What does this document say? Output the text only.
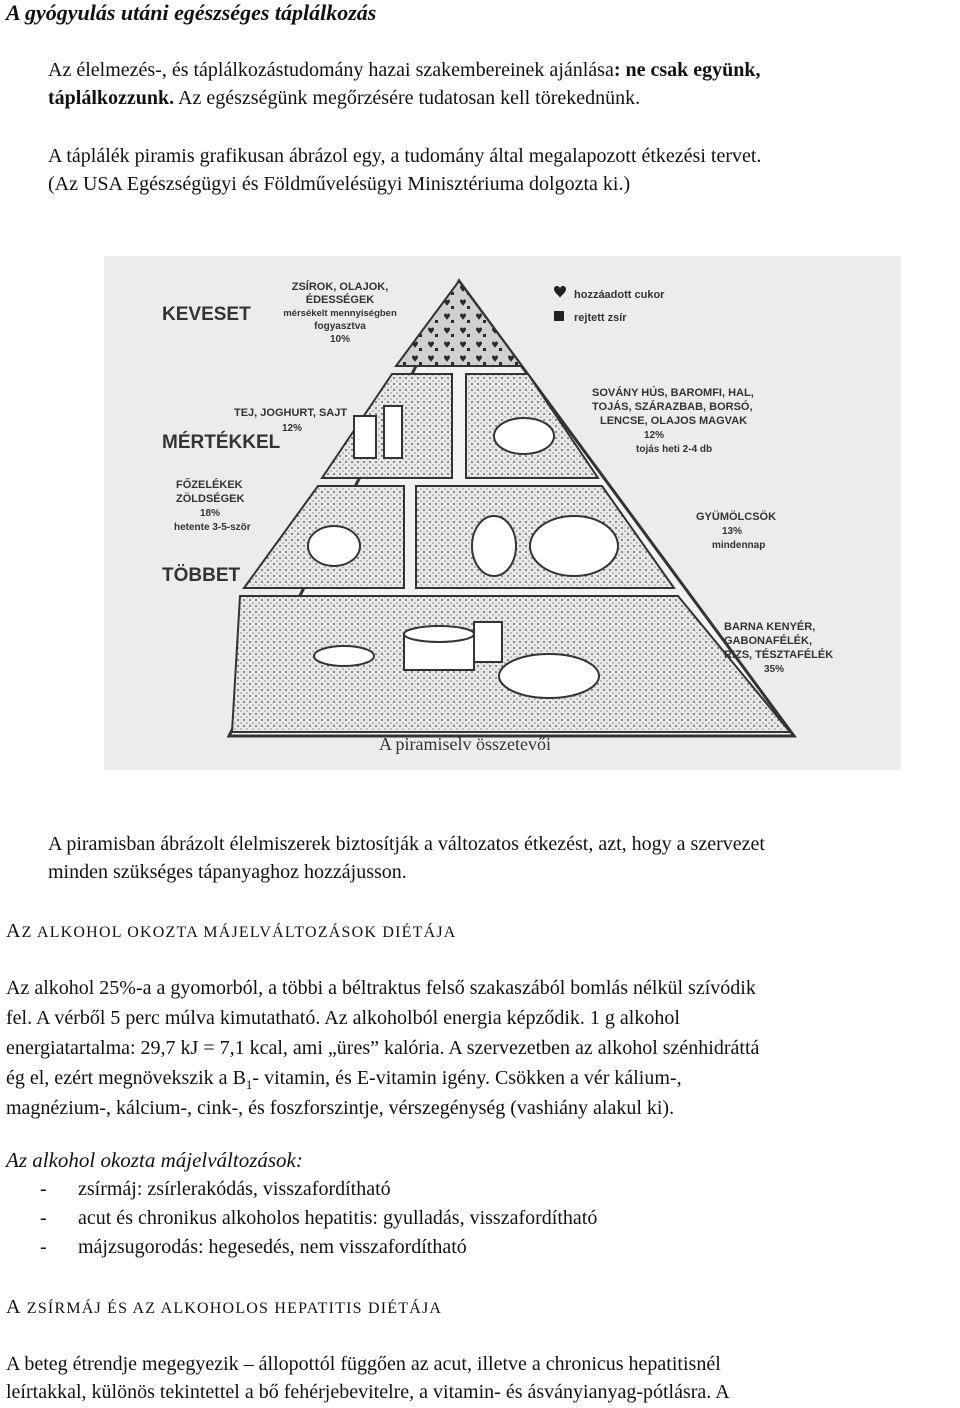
A gyógyulás utáni egészséges táplálkozás
Az élelmezés-, és táplálkozástudomány hazai szakembereinek ajánlása: ne csak együnk,
táplálkozzunk. Az egészségünk megőrzésére tudatosan kell törekednünk.
A táplálék piramis grafikusan ábrázol egy, a tudomány által megalapozott étkezési tervet.
(Az USA Egészségügyi és Földművelésügyi Minisztériuma dolgozta ki.)
KEVESET
MÉRTÉKKEL
TÖBBET
ZSÍROK, OLAJOK,
ÉDESSÉGEK
mérsékelt mennyiségben
fogyasztva
10%
hozzáadott cukor
rejtett zsír
TEJ, JOGHURT, SAJT
12%
SOVÁNY HÚS, BAROMFI, HAL,
TOJÁS, SZÁRAZBAB, BORSÓ,
LENCSE, OLAJOS MAGVAK
12%
tojás heti 2-4 db
FŐZELÉKEK
ZÖLDSÉGEK
18%
hetente 3-5-ször
GYÜMÖLCSÖK
13%
mindennap
BARNA KENYÉR,
GABONAFÉLÉK,
RIZS, TÉSZTAFÉLÉK
35%
A piramiselv összetevői
A piramisban ábrázolt élelmiszerek biztosítják a változatos étkezést, azt, hogy a szervezet
minden szükséges tápanyaghoz hozzájusson.
AZ ALKOHOL OKOZTA MÁJELVÁLTOZÁSOK DIÉTÁJA
Az alkohol 25%-a a gyomorból, a többi a béltraktus felső szakaszából bomlás nélkül szívódik
fel. A vérből 5 perc múlva kimutatható. Az alkoholból energia képződik. 1 g alkohol
energiatartalma: 29,7 kJ = 7,1 kcal, ami „üres” kalória. A szervezetben az alkohol szénhidráttá
ég el, ezért megnövekszik a $B_1-$ vitamin, és E-vitamin igény. Csökken a vér kálium-,
magnézium-, kálcium-, cink-, és foszforszintje, vérszegénység (vashiány alakul ki).
Az alkohol okozta májelváltozások:
- zsírmáj: zsírlerakódás, visszafordítható
- acut és chronikus alkoholos hepatitis: gyulladás, visszafordítható
- májzsugorodás: hegesedés, nem visszafordítható
A ZSÍRMÁJ ÉS AZ ALKOHOLOS HEPATITIS DIÉTÁJA
A beteg étrendje megegyezik – állopottól függően az acut, illetve a chronicus hepatitisnél
leírtakkal, különös tekintettel a bő fehérjebevitelre, a vitamin- és ásványianyag-pótlásra. A
